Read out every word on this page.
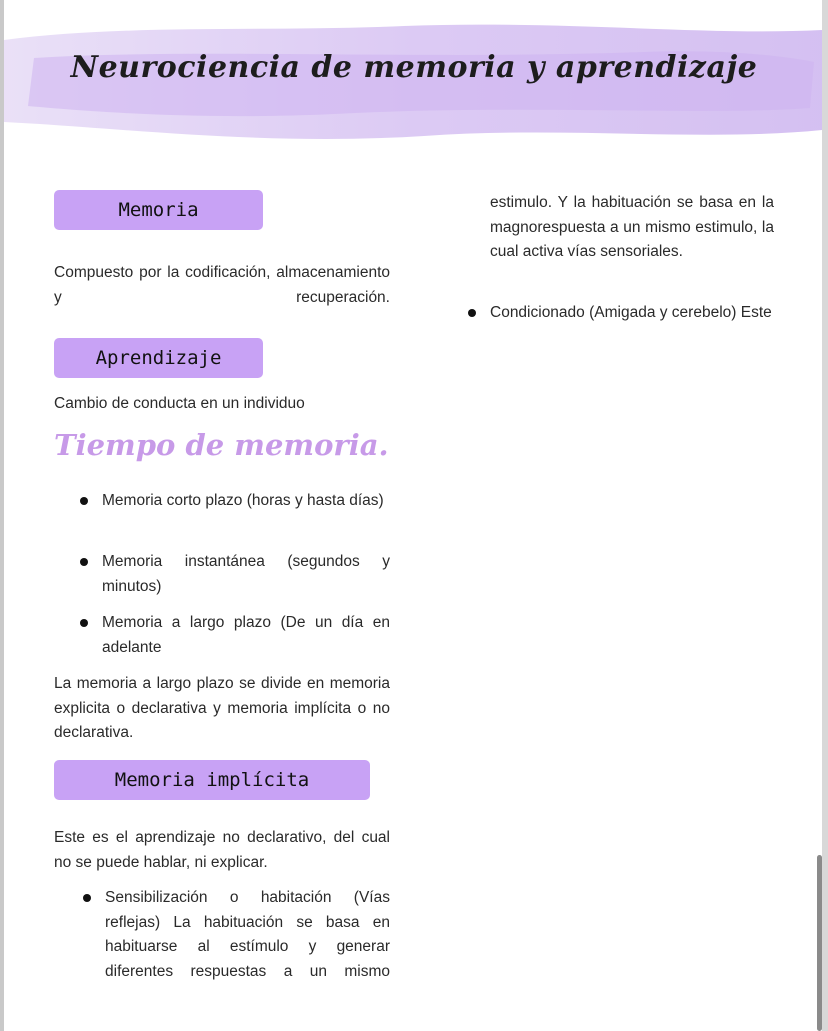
Neurociencia de memoria y aprendizaje
Memoria
Compuesto por la codificación, almacenamiento y recuperación.
Aprendizaje
Cambio de conducta en un individuo
Tiempo de memoria.
Memoria corto plazo (horas y hasta días)
Memoria instantánea (segundos y minutos)
Memoria a largo plazo (De un día en adelante
La memoria a largo plazo se divide en memoria explicita o declarativa y memoria implícita o no declarativa.
Memoria implícita
Este es el aprendizaje no declarativo, del cual no se puede hablar, ni explicar.
Sensibilización o habitación (Vías reflejas) La habituación se basa en habituarse al estímulo y generar diferentes respuestas a un mismo
estimulo. Y la habituación se basa en la magnorespuesta a un mismo estimulo, la cual activa vías sensoriales.
Condicionado (Amigada y cerebelo) Este
